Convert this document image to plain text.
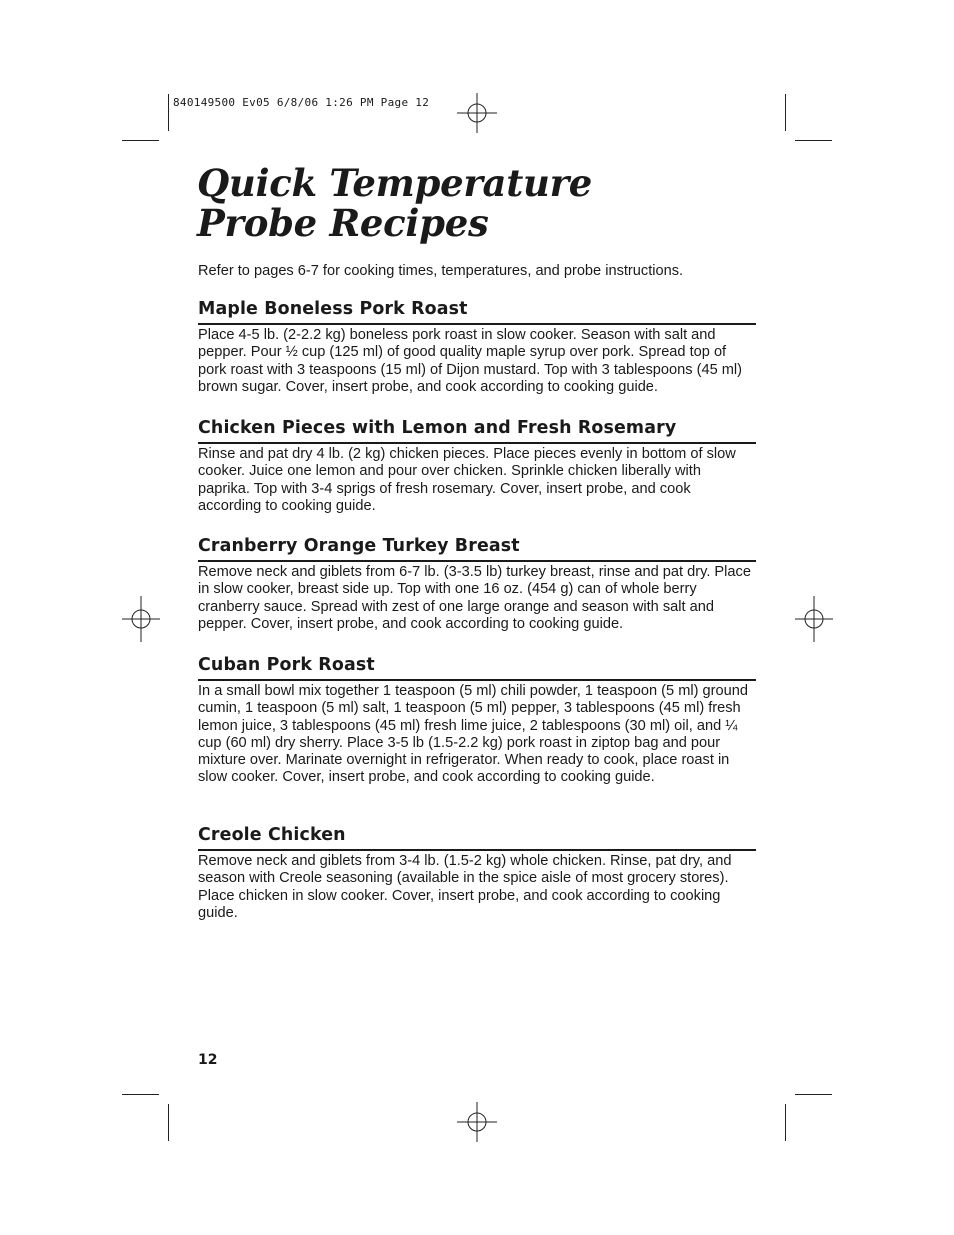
840149500 Ev05 6/8/06 1:26 PM Page 12
Quick Temperature
Probe Recipes

Refer to pages 6-7 for cooking times, temperatures, and probe instructions.

Maple Boneless Pork Roast

Place 4-5 lb. (2-2.2 kg) boneless pork roast in slow cooker. Season with salt and pepper. Pour ½ cup (125 ml) of good quality maple syrup over pork. Spread top of pork roast with 3 teaspoons (15 ml) of Dijon mustard. Top with 3 tablespoons (45 ml) brown sugar. Cover, insert probe, and cook according to cooking guide.

Chicken Pieces with Lemon and Fresh Rosemary

Rinse and pat dry 4 lb. (2 kg) chicken pieces. Place pieces evenly in bottom of slow cooker. Juice one lemon and pour over chicken. Sprinkle chicken liberally with paprika. Top with 3-4 sprigs of fresh rosemary. Cover, insert probe, and cook according to cooking guide.

Cranberry Orange Turkey Breast

Remove neck and giblets from 6-7 lb. (3-3.5 lb) turkey breast, rinse and pat dry. Place in slow cooker, breast side up. Top with one 16 oz. (454 g) can of whole berry cranberry sauce. Spread with zest of one large orange and season with salt and pepper. Cover, insert probe, and cook according to cooking guide.

Cuban Pork Roast

In a small bowl mix together 1 teaspoon (5 ml) chili powder, 1 teaspoon (5 ml) ground cumin, 1 teaspoon (5 ml) salt, 1 teaspoon (5 ml) pepper, 3 tablespoons (45 ml) fresh lemon juice, 3 tablespoons (45 ml) fresh lime juice, 2 tablespoons (30 ml) oil, and ¼ cup (60 ml) dry sherry. Place 3-5 lb (1.5-2.2 kg) pork roast in ziptop bag and pour mixture over. Marinate overnight in refrigerator. When ready to cook, place roast in slow cooker. Cover, insert probe, and cook according to cooking guide.

Creole Chicken

Remove neck and giblets from 3-4 lb. (1.5-2 kg) whole chicken. Rinse, pat dry, and season with Creole seasoning (available in the spice aisle of most grocery stores). Place chicken in slow cooker. Cover, insert probe, and cook according to cooking guide.

12
